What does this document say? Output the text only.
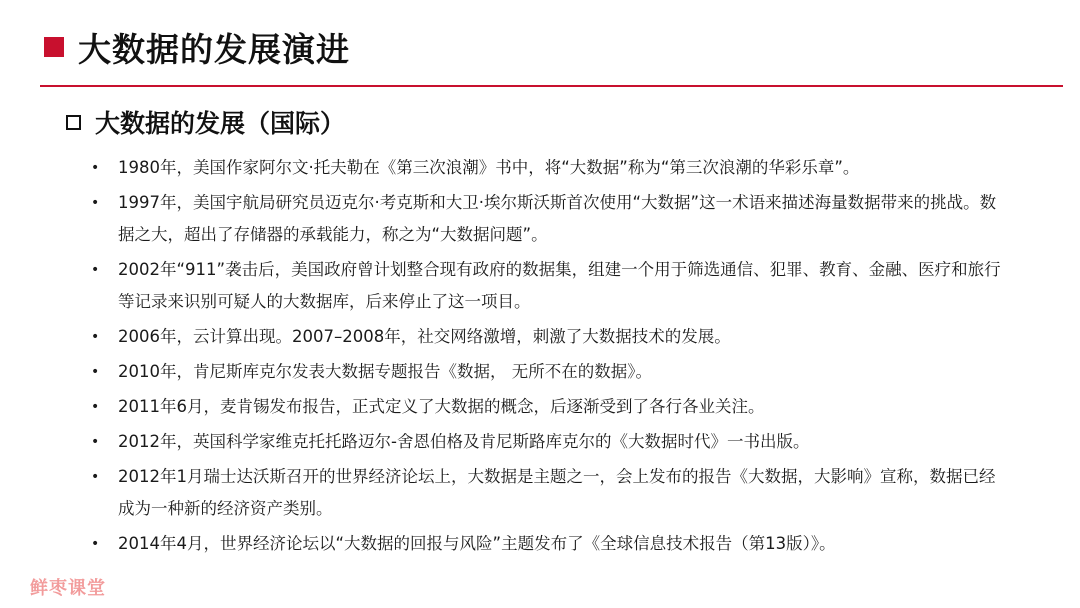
大数据的发展演进
大数据的发展（国际）
• 1980年，美国作家阿尔文·托夫勒在《第三次浪潮》书中，将“大数据”称为“第三次浪潮的华彩乐章”。
• 1997年，美国宇航局研究员迈克尔·考克斯和大卫·埃尔斯沃斯首次使用“大数据”这一术语来描述海量数据带来的挑战。数据之大，超出了存储器的承载能力，称之为“大数据问题”。
• 2002年“911”袭击后，美国政府曾计划整合现有政府的数据集，组建一个用于筛选通信、犯罪、教育、金融、医疗和旅行等记录来识别可疑人的大数据库，后来停止了这一项目。
• 2006年，云计算出现。2007–2008年，社交网络激增，刺激了大数据技术的发展。
• 2010年，肯尼斯库克尔发表大数据专题报告《数据， 无所不在的数据》。
• 2011年6月，麦肯锡发布报告，正式定义了大数据的概念，后逐渐受到了各行各业关注。
• 2012年，英国科学家维克托托路迈尔-舍恩伯格及肯尼斯路库克尔的《大数据时代》一书出版。
• 2012年1月瑞士达沃斯召开的世界经济论坛上，大数据是主题之一，会上发布的报告《大数据，大影响》宣称，数据已经成为一种新的经济资产类别。
• 2014年4月，世界经济论坛以“大数据的回报与风险”主题发布了《全球信息技术报告（第13版）》。
鲜枣课堂
